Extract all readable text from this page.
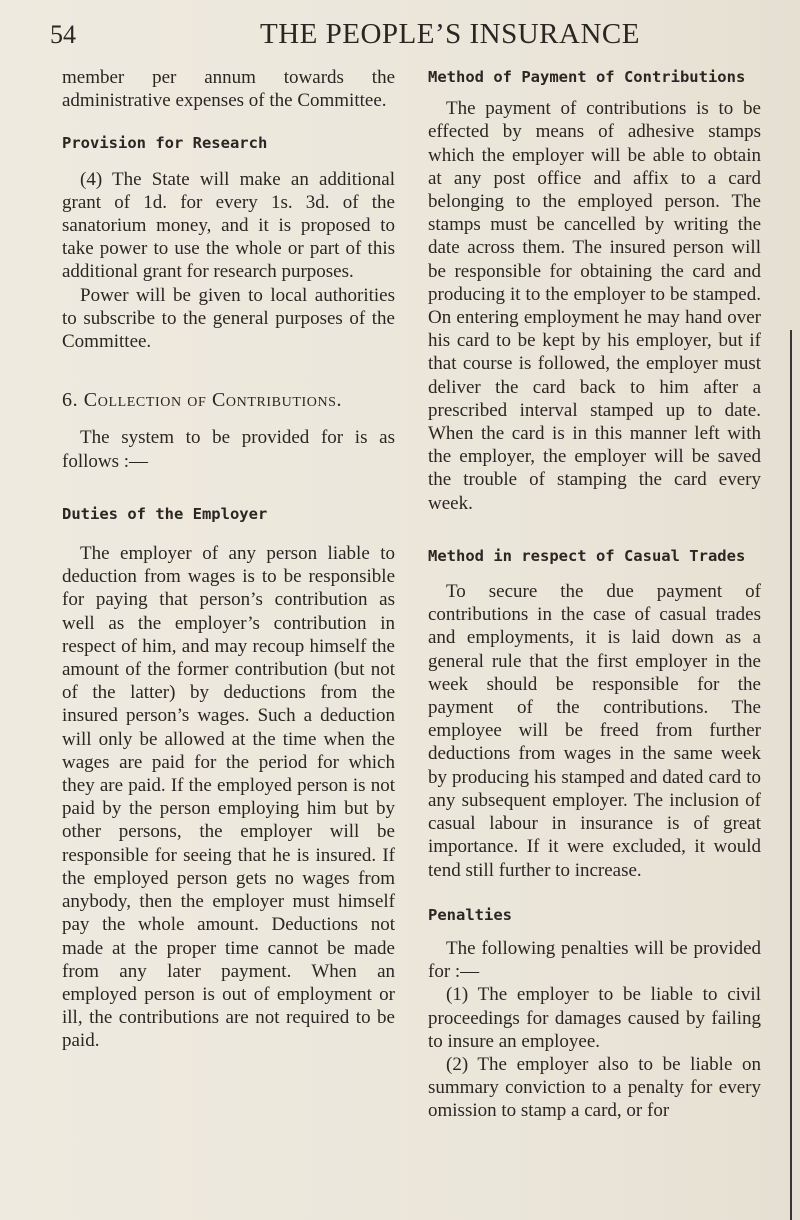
54	THE PEOPLE’S INSURANCE

member per annum towards the administrative expenses of the Committee.

Provision for Research

(4) The State will make an additional grant of 1d. for every 1s. 3d. of the sanatorium money, and it is proposed to take power to use the whole or part of this additional grant for research purposes.

Power will be given to local authorities to subscribe to the general purposes of the Committee.

6. Collection of Contributions.

The system to be provided for is as follows :—

Duties of the Employer

The employer of any person liable to deduction from wages is to be responsible for paying that person’s contribution as well as the employer’s contribution in respect of him, and may recoup himself the amount of the former contribution (but not of the latter) by deductions from the insured person’s wages. Such a deduction will only be allowed at the time when the wages are paid for the period for which they are paid. If the employed person is not paid by the person employing him but by other persons, the employer will be responsible for seeing that he is insured. If the employed person gets no wages from anybody, then the employer must himself pay the whole amount. Deductions not made at the proper time cannot be made from any later payment. When an employed person is out of employment or ill, the contributions are not required to be paid.

Method of Payment of Contributions

The payment of contributions is to be effected by means of adhesive stamps which the employer will be able to obtain at any post office and affix to a card belonging to the employed person. The stamps must be cancelled by writing the date across them. The insured person will be responsible for obtaining the card and producing it to the employer to be stamped. On entering employment he may hand over his card to be kept by his employer, but if that course is followed, the employer must deliver the card back to him after a prescribed interval stamped up to date. When the card is in this manner left with the employer, the employer will be saved the trouble of stamping the card every week.

Method in respect of Casual Trades

To secure the due payment of contributions in the case of casual trades and employments, it is laid down as a general rule that the first employer in the week should be responsible for the payment of the contributions. The employee will be freed from further deductions from wages in the same week by producing his stamped and dated card to any subsequent employer. The inclusion of casual labour in insurance is of great importance. If it were excluded, it would tend still further to increase.

Penalties

The following penalties will be provided for :—

(1) The employer to be liable to civil proceedings for damages caused by failing to insure an employee.

(2) The employer also to be liable on summary conviction to a penalty for every omission to stamp a card, or for
